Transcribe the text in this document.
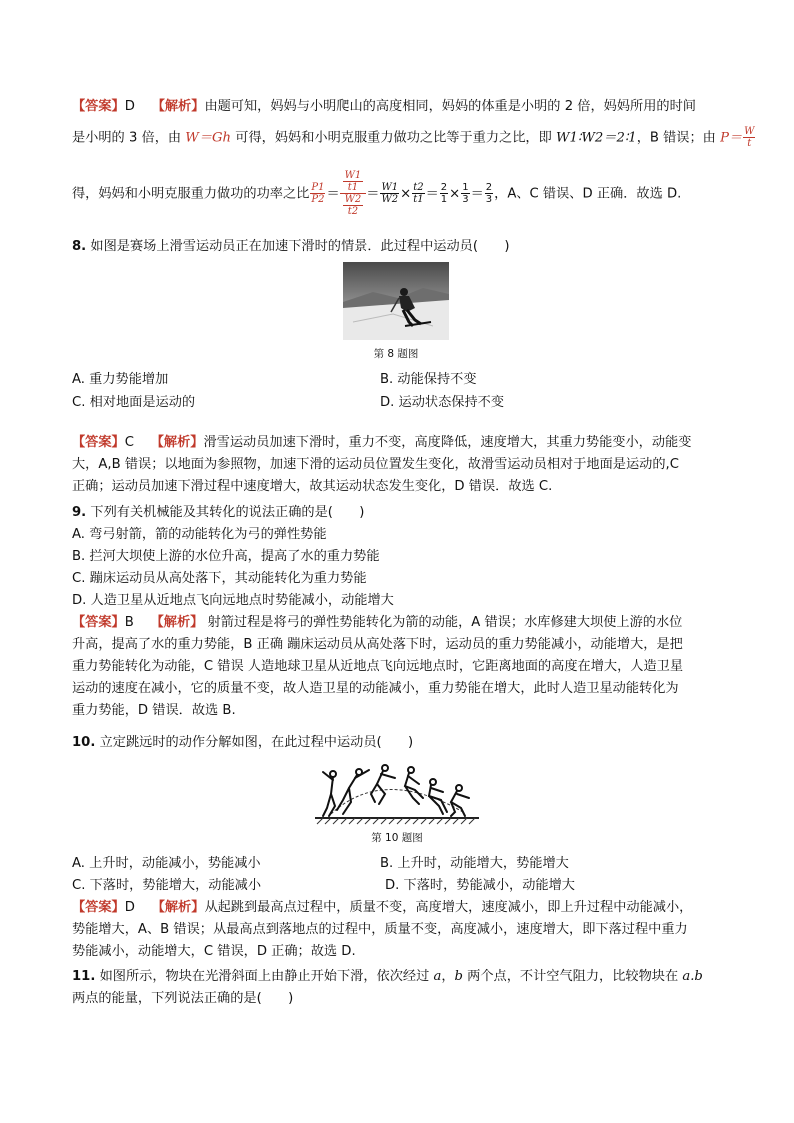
【答案】D 【解析】由题可知，妈妈与小明爬山的高度相同，妈妈的体重是小明的 2 倍，妈妈所用的时间
是小明的 3 倍，由 W＝Gh 可得，妈妈和小明克服重力做功之比等于重力之比，即 W1∶W2＝2∶1，B 错误；由 $P= \frac{W}{t}$
得，妈妈和小明克服重力做功的功率之比 $\frac{P1}{P2} = \frac{\frac{W1}{t1}}{\frac{W2}{t2}} = \frac{W1}{W2} \times \frac{t2}{t1} = \frac{2}{1} \times \frac{1}{3} = \frac{2}{3}$ ，A、C 错误、D 正确．故选 D.
8. 如图是赛场上滑雪运动员正在加速下滑时的情景．此过程中运动员(　　)
第 8 题图
A. 重力势能增加	B. 动能保持不变
C. 相对地面是运动的	D. 运动状态保持不变
【答案】C 【解析】滑雪运动员加速下滑时，重力不变，高度降低，速度增大，其重力势能变小，动能变
大，A,B 错误；以地面为参照物，加速下滑的运动员位置发生变化，故滑雪运动员相对于地面是运动的,C
正确；运动员加速下滑过程中速度增大，故其运动状态发生变化，D 错误．故选 C.
9. 下列有关机械能及其转化的说法正确的是(　　)
A. 弯弓射箭，箭的动能转化为弓的弹性势能
B. 拦河大坝使上游的水位升高，提高了水的重力势能
C. 蹦床运动员从高处落下，其动能转化为重力势能
D. 人造卫星从近地点飞向远地点时势能减小，动能增大
【答案】B 【解析】 射箭过程是将弓的弹性势能转化为箭的动能，A 错误；水库修建大坝使上游的水位
升高，提高了水的重力势能，B 正确 蹦床运动员从高处落下时，运动员的重力势能减小，动能增大，是把
重力势能转化为动能，C 错误 人造地球卫星从近地点飞向远地点时，它距离地面的高度在增大，人造卫星
运动的速度在减小，它的质量不变，故人造卫星的动能减小，重力势能在增大，此时人造卫星动能转化为
重力势能，D 错误．故选 B.
10. 立定跳远时的动作分解如图，在此过程中运动员(　　)
第 10 题图
A. 上升时，动能减小，势能减小	B. 上升时，动能增大，势能增大
C. 下落时，势能增大，动能减小	D. 下落时，势能减小，动能增大
【答案】D 【解析】从起跳到最高点过程中，质量不变，高度增大，速度减小，即上升过程中动能减小，
势能增大，A、B 错误；从最高点到落地点的过程中，质量不变，高度减小，速度增大，即下落过程中重力
势能减小，动能增大，C 错误，D 正确；故选 D.
11. 如图所示，物块在光滑斜面上由静止开始下滑，依次经过 a，b 两个点，不计空气阻力，比较物块在 a.b
两点的能量，下列说法正确的是(　　)
